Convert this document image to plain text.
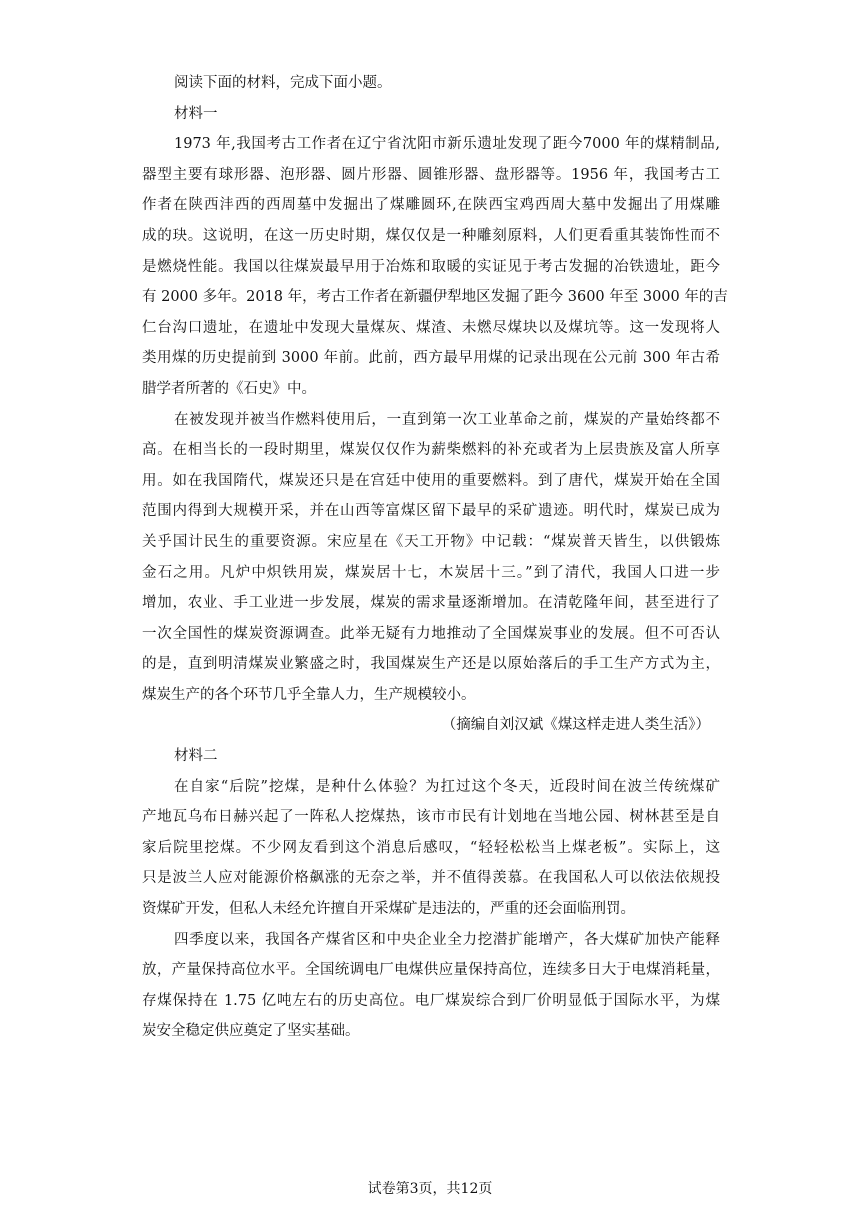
阅读下面的材料，完成下面小题。

材料一

1973 年,我国考古工作者在辽宁省沈阳市新乐遗址发现了距今7000 年的煤精制品,

器型主要有球形器、泡形器、圆片形器、圆锥形器、盘形器等。1956 年，我国考古工

作者在陕西沣西的西周墓中发掘出了煤雕圆环,在陕西宝鸡西周大墓中发掘出了用煤雕

成的玦。这说明，在这一历史时期，煤仅仅是一种雕刻原料，人们更看重其装饰性而不

是燃烧性能。我国以往煤炭最早用于冶炼和取暖的实证见于考古发掘的冶铁遗址，距今

有 2000 多年。2018 年，考古工作者在新疆伊犁地区发掘了距今 3600 年至 3000 年的吉

仁台沟口遗址，在遗址中发现大量煤灰、煤渣、未燃尽煤块以及煤坑等。这一发现将人

类用煤的历史提前到 3000 年前。此前，西方最早用煤的记录出现在公元前 300 年古希

腊学者所著的《石史》中。

在被发现并被当作燃料使用后，一直到第一次工业革命之前，煤炭的产量始终都不

高。在相当长的一段时期里，煤炭仅仅作为薪柴燃料的补充或者为上层贵族及富人所享

用。如在我国隋代，煤炭还只是在宫廷中使用的重要燃料。到了唐代，煤炭开始在全国

范围内得到大规模开采，并在山西等富煤区留下最早的采矿遗迹。明代时，煤炭已成为

关乎国计民生的重要资源。宋应星在《天工开物》中记载：“煤炭普天皆生，以供锻炼

金石之用。凡炉中炽铁用炭，煤炭居十七，木炭居十三。”到了清代，我国人口进一步

增加，农业、手工业进一步发展，煤炭的需求量逐渐增加。在清乾隆年间，甚至进行了

一次全国性的煤炭资源调查。此举无疑有力地推动了全国煤炭事业的发展。但不可否认

的是，直到明清煤炭业繁盛之时，我国煤炭生产还是以原始落后的手工生产方式为主，

煤炭生产的各个环节几乎全靠人力，生产规模较小。

（摘编自刘汉斌《煤这样走进人类生活》）

材料二

在自家“后院”挖煤，是种什么体验？为扛过这个冬天，近段时间在波兰传统煤矿

产地瓦乌布日赫兴起了一阵私人挖煤热，该市市民有计划地在当地公园、树林甚至是自

家后院里挖煤。不少网友看到这个消息后感叹，“轻轻松松当上煤老板”。实际上，这

只是波兰人应对能源价格飙涨的无奈之举，并不值得羡慕。在我国私人可以依法依规投

资煤矿开发，但私人未经允许擅自开采煤矿是违法的，严重的还会面临刑罚。

四季度以来，我国各产煤省区和中央企业全力挖潜扩能增产，各大煤矿加快产能释

放，产量保持高位水平。全国统调电厂电煤供应量保持高位，连续多日大于电煤消耗量，

存煤保持在 1.75 亿吨左右的历史高位。电厂煤炭综合到厂价明显低于国际水平，为煤

炭安全稳定供应奠定了坚实基础。

试卷第3页，共12页
